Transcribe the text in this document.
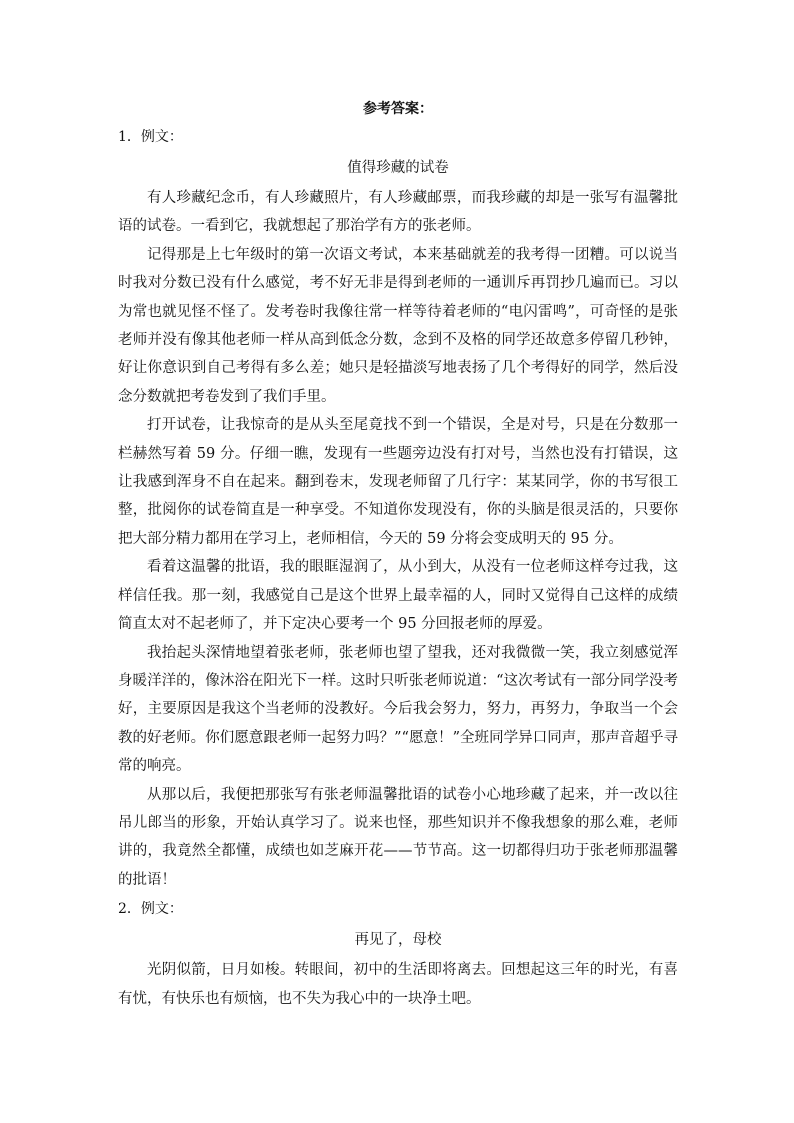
参考答案：

1．例文：

值得珍藏的试卷

有人珍藏纪念币，有人珍藏照片，有人珍藏邮票，而我珍藏的却是一张写有温馨批语的试卷。一看到它，我就想起了那治学有方的张老师。

记得那是上七年级时的第一次语文考试，本来基础就差的我考得一团糟。可以说当时我对分数已没有什么感觉，考不好无非是得到老师的一通训斥再罚抄几遍而已。习以为常也就见怪不怪了。发考卷时我像往常一样等待着老师的“电闪雷鸣”，可奇怪的是张老师并没有像其他老师一样从高到低念分数，念到不及格的同学还故意多停留几秒钟，好让你意识到自己考得有多么差；她只是轻描淡写地表扬了几个考得好的同学，然后没念分数就把考卷发到了我们手里。

打开试卷，让我惊奇的是从头至尾竟找不到一个错误，全是对号，只是在分数那一栏赫然写着 59 分。仔细一瞧，发现有一些题旁边没有打对号，当然也没有打错误，这让我感到浑身不自在起来。翻到卷末，发现老师留了几行字：某某同学，你的书写很工整，批阅你的试卷简直是一种享受。不知道你发现没有，你的头脑是很灵活的，只要你把大部分精力都用在学习上，老师相信，今天的 59 分将会变成明天的 95 分。

看着这温馨的批语，我的眼眶湿润了，从小到大，从没有一位老师这样夸过我，这样信任我。那一刻，我感觉自己是这个世界上最幸福的人，同时又觉得自己这样的成绩简直太对不起老师了，并下定决心要考一个 95 分回报老师的厚爱。

我抬起头深情地望着张老师，张老师也望了望我，还对我微微一笑，我立刻感觉浑身暖洋洋的，像沐浴在阳光下一样。这时只听张老师说道：“这次考试有一部分同学没考好，主要原因是我这个当老师的没教好。今后我会努力，努力，再努力，争取当一个会教的好老师。你们愿意跟老师一起努力吗？”“愿意！”全班同学异口同声，那声音超乎寻常的响亮。

从那以后，我便把那张写有张老师温馨批语的试卷小心地珍藏了起来，并一改以往吊儿郎当的形象，开始认真学习了。说来也怪，那些知识并不像我想象的那么难，老师讲的，我竟然全都懂，成绩也如芝麻开花——节节高。这一切都得归功于张老师那温馨的批语！

2．例文：

再见了，母校

光阴似箭，日月如梭。转眼间，初中的生活即将离去。回想起这三年的时光，有喜有忧，有快乐也有烦恼，也不失为我心中的一块净土吧。
